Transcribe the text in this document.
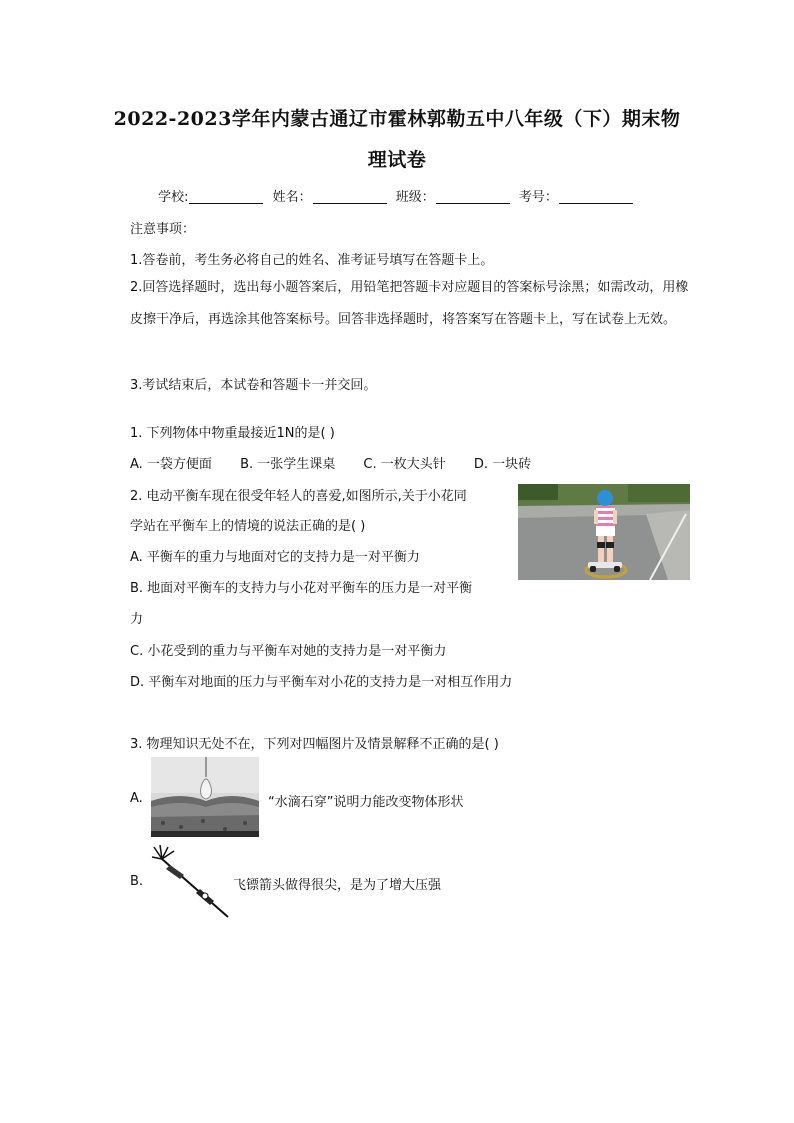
2022-2023学年内蒙古通辽市霍林郭勒五中八年级（下）期末物
理试卷
学校:	姓名：	班级：	考号：
注意事项：
1.答卷前，考生务必将自己的姓名、准考证号填写在答题卡上。
2.回答选择题时，选出每小题答案后，用铅笔把答题卡对应题目的答案标号涂黑；如需改动，用橡皮擦干净后，再选涂其他答案标号。回答非选择题时，将答案写在答题卡上，写在试卷上无效。
3.考试结束后，本试卷和答题卡一并交回。
1. 下列物体中物重最接近1N的是( )
A. 一袋方便面 B. 一张学生课桌 C. 一枚大头针 D. 一块砖
2. 电动平衡车现在很受年轻人的喜爱,如图所示,关于小花同
学站在平衡车上的情境的说法正确的是( )
A. 平衡车的重力与地面对它的支持力是一对平衡力
B. 地面对平衡车的支持力与小花对平衡车的压力是一对平衡
力
C. 小花受到的重力与平衡车对她的支持力是一对平衡力
D. 平衡车对地面的压力与平衡车对小花的支持力是一对相互作用力
3. 物理知识无处不在，下列对四幅图片及情景解释不正确的是( )
A.	“水滴石穿”说明力能改变物体形状
B.	飞镖箭头做得很尖，是为了增大压强
